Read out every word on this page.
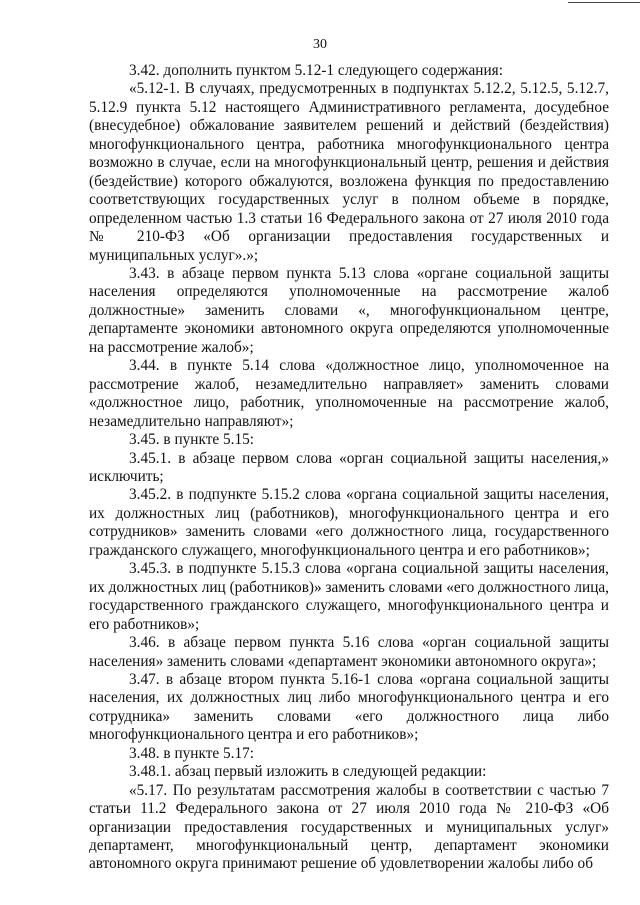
30

3.42. дополнить пунктом 5.12-1 следующего содержания:

«5.12-1. В случаях, предусмотренных в подпунктах 5.12.2, 5.12.5, 5.12.7, 5.12.9 пункта 5.12 настоящего Административного регламента, досудебное (внесудебное) обжалование заявителем решений и действий (бездействия) многофункционального центра, работника многофункционального центра возможно в случае, если на многофункциональный центр, решения и действия (бездействие) которого обжалуются, возложена функция по предоставлению соответствующих государственных услуг в полном объеме в порядке, определенном частью 1.3 статьи 16 Федерального закона от 27 июля 2010 года № 210-ФЗ «Об организации предоставления государственных и муниципальных услуг».»;

3.43. в абзаце первом пункта 5.13 слова «органе социальной защиты населения определяются уполномоченные на рассмотрение жалоб должностные» заменить словами «, многофункциональном центре, департаменте экономики автономного округа определяются уполномоченные на рассмотрение жалоб»;

3.44. в пункте 5.14 слова «должностное лицо, уполномоченное на рассмотрение жалоб, незамедлительно направляет» заменить словами «должностное лицо, работник, уполномоченные на рассмотрение жалоб, незамедлительно направляют»;

3.45. в пункте 5.15:

3.45.1. в абзаце первом слова «орган социальной защиты населения,» исключить;

3.45.2. в подпункте 5.15.2 слова «органа социальной защиты населения, их должностных лиц (работников), многофункционального центра и его сотрудников» заменить словами «его должностного лица, государственного гражданского служащего, многофункционального центра и его работников»;

3.45.3. в подпункте 5.15.3 слова «органа социальной защиты населения, их должностных лиц (работников)» заменить словами «его должностного лица, государственного гражданского служащего, многофункционального центра и его работников»;

3.46. в абзаце первом пункта 5.16 слова «орган социальной защиты населения» заменить словами «департамент экономики автономного округа»;

3.47. в абзаце втором пункта 5.16-1 слова «органа социальной защиты населения, их должностных лиц либо многофункционального центра и его сотрудника» заменить словами «его должностного лица либо многофункционального центра и его работников»;

3.48. в пункте 5.17:

3.48.1. абзац первый изложить в следующей редакции:

«5.17. По результатам рассмотрения жалобы в соответствии с частью 7 статьи 11.2 Федерального закона от 27 июля 2010 года № 210-ФЗ «Об организации предоставления государственных и муниципальных услуг» департамент, многофункциональный центр, департамент экономики автономного округа принимают решение об удовлетворении жалобы либо об
